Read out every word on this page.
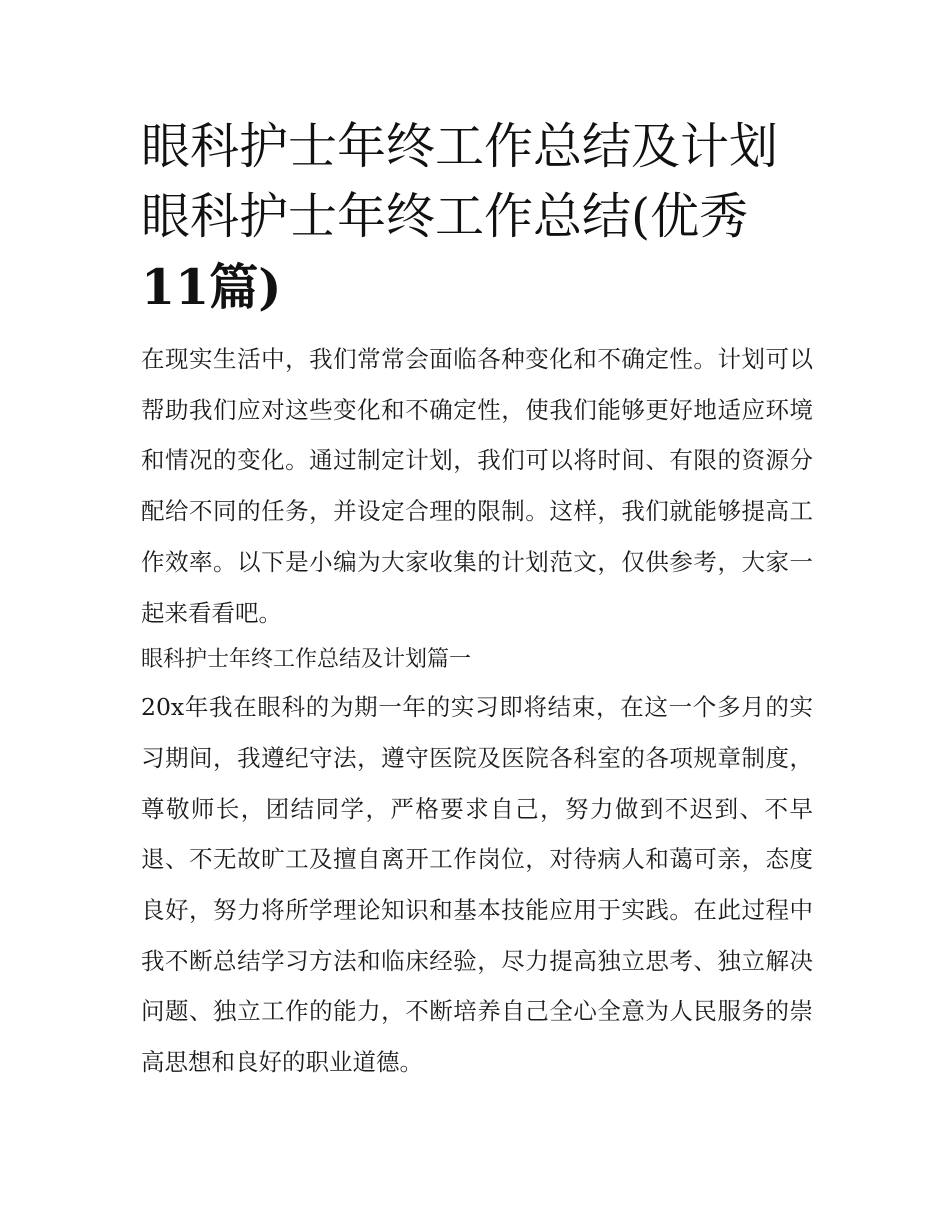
眼科护士年终工作总结及计划
眼科护士年终工作总结(优秀
11篇)

在现实生活中，我们常常会面临各种变化和不确定性。计划可以帮助我们应对这些变化和不确定性，使我们能够更好地适应环境和情况的变化。通过制定计划，我们可以将时间、有限的资源分配给不同的任务，并设定合理的限制。这样，我们就能够提高工作效率。以下是小编为大家收集的计划范文，仅供参考，大家一起来看看吧。

眼科护士年终工作总结及计划篇一

20x年我在眼科的为期一年的实习即将结束，在这一个多月的实习期间，我遵纪守法，遵守医院及医院各科室的各项规章制度，尊敬师长，团结同学，严格要求自己，努力做到不迟到、不早退、不无故旷工及擅自离开工作岗位，对待病人和蔼可亲，态度良好，努力将所学理论知识和基本技能应用于实践。在此过程中我不断总结学习方法和临床经验，尽力提高独立思考、独立解决问题、独立工作的能力，不断培养自己全心全意为人民服务的崇高思想和良好的职业道德。
